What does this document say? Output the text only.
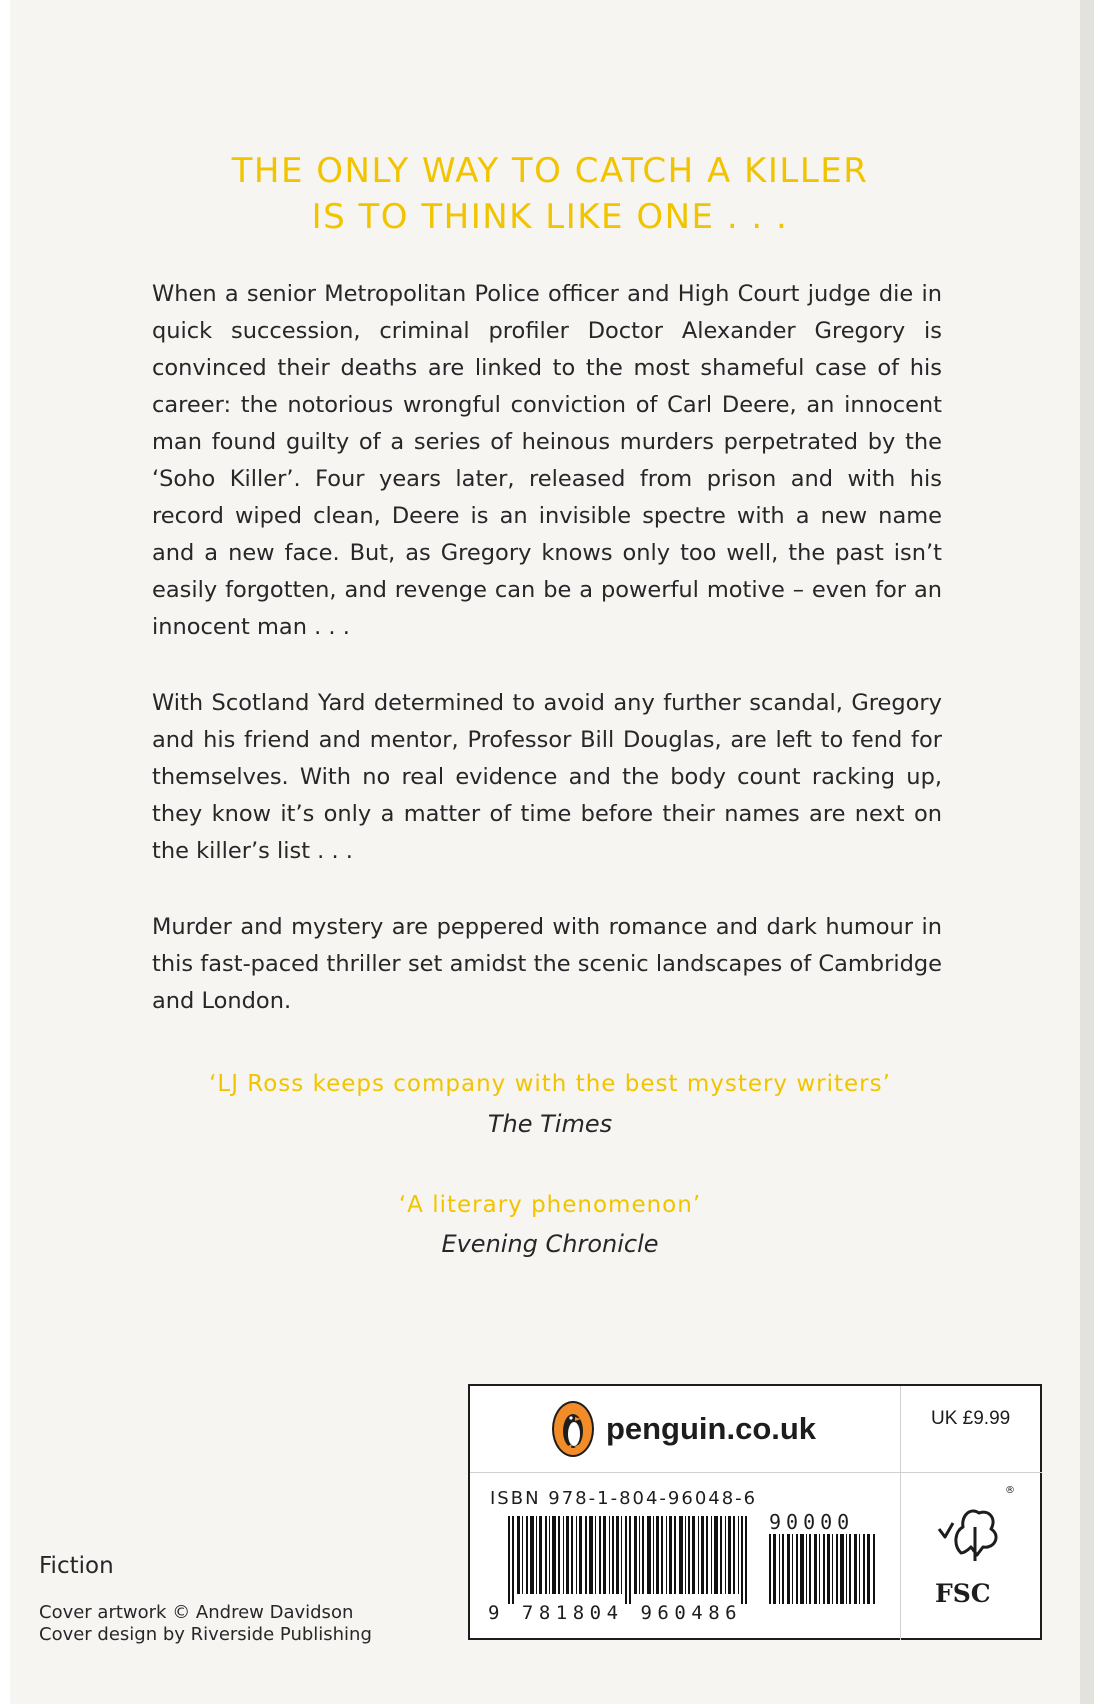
THE ONLY WAY TO CATCH A KILLER
IS TO THINK LIKE ONE . . .

When a senior Metropolitan Police officer and High Court judge die in quick succession, criminal profiler Doctor Alexander Gregory is convinced their deaths are linked to the most shameful case of his career: the notorious wrongful conviction of Carl Deere, an innocent man found guilty of a series of heinous murders perpetrated by the ‘Soho Killer’. Four years later, released from prison and with his record wiped clean, Deere is an invisible spectre with a new name and a new face. But, as Gregory knows only too well, the past isn’t easily forgotten, and revenge can be a powerful motive – even for an innocent man . . .

With Scotland Yard determined to avoid any further scandal, Gregory and his friend and mentor, Professor Bill Douglas, are left to fend for themselves. With no real evidence and the body count racking up, they know it’s only a matter of time before their names are next on the killer’s list . . .

Murder and mystery are peppered with romance and dark humour in this fast-paced thriller set amidst the scenic landscapes of Cambridge and London.

‘LJ Ross keeps company with the best mystery writers’
The Times
‘A literary phenomenon’
Evening Chronicle
Fiction
Cover artwork © Andrew Davidson
Cover design by Riverside Publishing
penguin.co.uk	UK £9.99
ISBN 978-1-804-96048-6
9 781804 960486
90000
®
FSC
